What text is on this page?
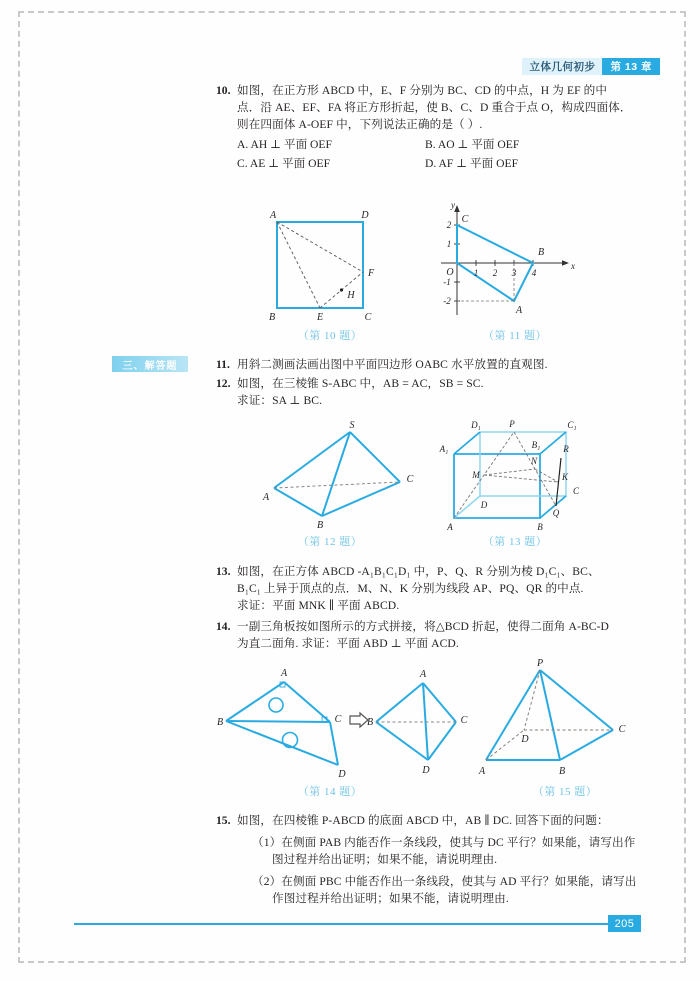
立体几何初步	第 13 章
10. 如图，在正方形 ABCD 中，E、F 分别为 BC、CD 的中点，H 为 EF 的中
点．沿 AE、EF、FA 将正方形折起，使 B、C、D 重合于点 O，构成四面体．
则在四面体 A-OEF 中，下列说法正确的是（ ）.
A. AH ⊥ 平面 OEF	B. AO ⊥ 平面 OEF
C. AE ⊥ 平面 OEF	D. AF ⊥ 平面 OEF
A	D
B	C
E
F
H
（第 10 题）
1 2 3 4
2
1
-1
-2
y
x
O
C
B
A
（第 11 题）
三、解答题	11. 用斜二测画法画出图中平面四边形 OABC 水平放置的直观图.
12. 如图，在三棱锥 S-ABC 中，AB = AC，SB = SC.
求证：SA ⊥ BC.
S
A
B
C
（第 12 题）
A	B
C
D
A₁	B₁
C₁
D₁	P
Q
R
M
N
K
（第 13 题）
13. 如图，在正方体 ABCD -A₁B₁C₁D₁ 中，P、Q、R 分别为棱 D₁C₁、BC、
B₁C₁ 上异于顶点的点．M、N、K 分别为线段 AP、PQ、QR 的中点.
求证：平面 MNK ∥ 平面 ABCD.
14. 一副三角板按如图所示的方式拼接，将△BCD 折起，使得二面角 A-BC-D
为直二面角. 求证：平面 ABD ⊥ 平面 ACD.
B
A
C
D
B
A
C
D
（第 14 题）
P
A	B
C
D
（第 15 题）
15. 如图，在四棱锥 P-ABCD 的底面 ABCD 中，AB ∥ DC. 回答下面的问题：
（1）在侧面 PAB 内能否作一条线段，使其与 DC 平行？如果能，请写出作
图过程并给出证明；如果不能，请说明理由.
（2）在侧面 PBC 中能否作出一条线段，使其与 AD 平行？如果能，请写出
作图过程并给出证明；如果不能，请说明理由.
205
